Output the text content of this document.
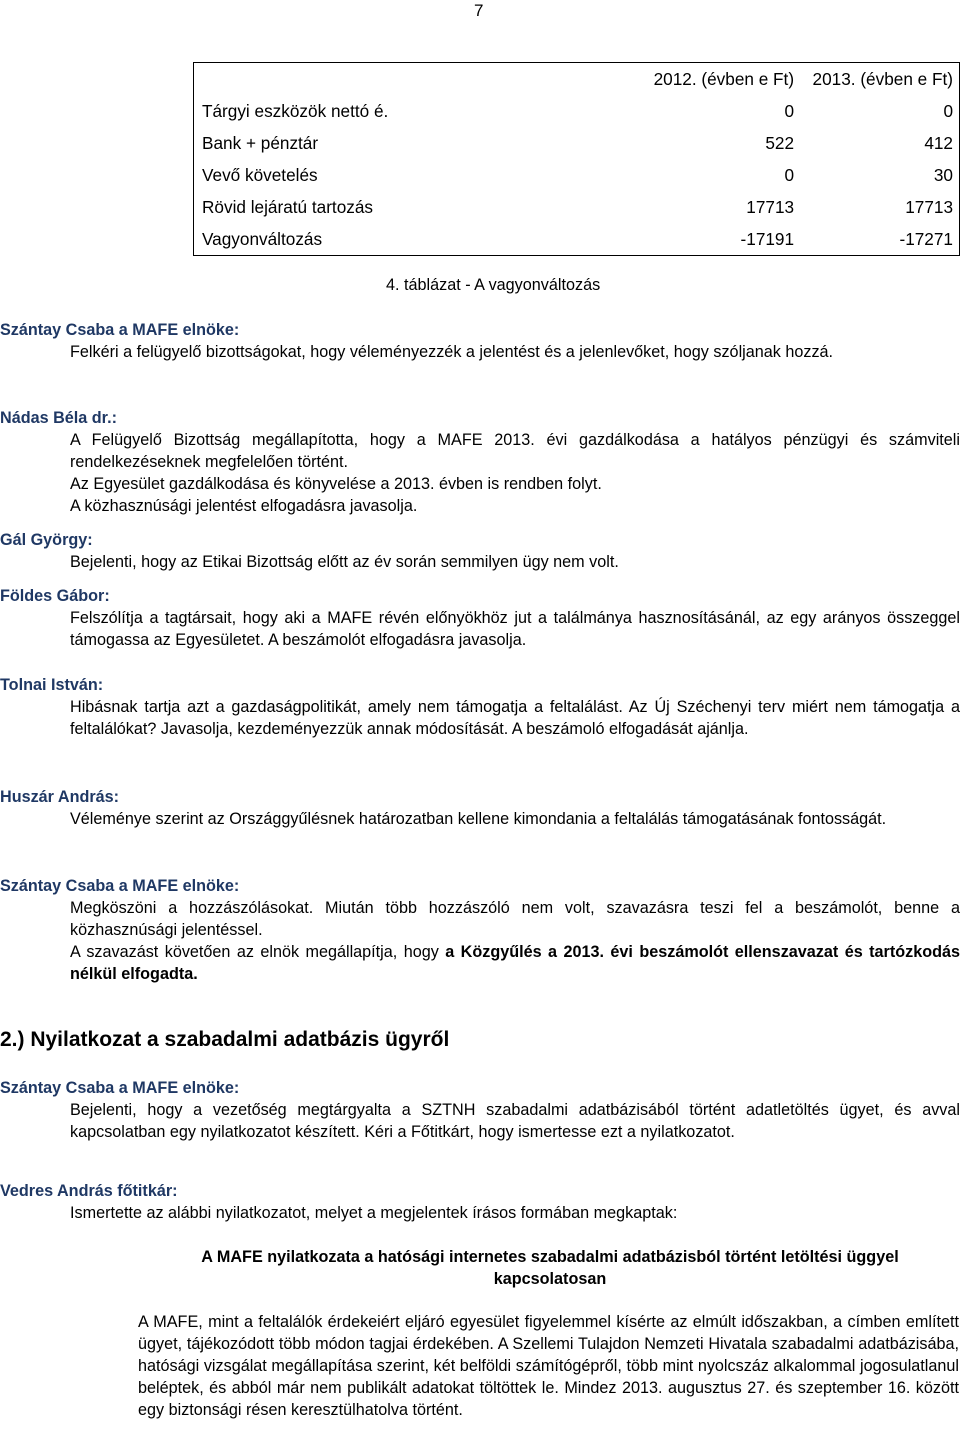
7
	2012. (évben e Ft)	2013. (évben e Ft)
Tárgyi eszközök nettó é.	0	0
Bank + pénztár	522	412
Vevő követelés	0	30
Rövid lejáratú tartozás	17713	17713
Vagyonváltozás	-17191	-17271
4. táblázat - A vagyonváltozás
Szántay Csaba a MAFE elnöke:
Felkéri a felügyelő bizottságokat, hogy véleményezzék a jelentést és a jelenlevőket, hogy szóljanak hozzá.
Nádas Béla dr.:

A Felügyelő Bizottság megállapította, hogy a MAFE 2013. évi gazdálkodása a hatályos pénzügyi és számviteli rendelkezéseknek megfelelően történt.

Az Egyesület gazdálkodása és könyvelése a 2013. évben is rendben folyt.

A közhasznúsági jelentést elfogadásra javasolja.

Gál György:
Bejelenti, hogy az Etikai Bizottság előtt az év során semmilyen ügy nem volt.
Földes Gábor:
Felszólítja a tagtársait, hogy aki a MAFE révén előnyökhöz jut a találmánya hasznosításánál, az egy arányos összeggel támogassa az Egyesületet. A beszámolót elfogadásra javasolja.
Tolnai István:
Hibásnak tartja azt a gazdaságpolitikát, amely nem támogatja a feltalálást. Az Új Széchenyi terv miért nem támogatja a feltalálókat? Javasolja, kezdeményezzük annak módosítását. A beszámoló elfogadását ajánlja.
Huszár András:
Véleménye szerint az Országgyűlésnek határozatban kellene kimondania a feltalálás támogatásának fontosságát.
Szántay Csaba a MAFE elnöke:

Megköszöni a hozzászólásokat. Miután több hozzászóló nem volt, szavazásra teszi fel a beszámolót, benne a közhasznúsági jelentéssel.

A szavazást követően az elnök megállapítja, hogy a Közgyűlés a 2013. évi beszámolót ellenszavazat és tartózkodás nélkül elfogadta.

2.) Nyilatkozat a szabadalmi adatbázis ügyről
Szántay Csaba a MAFE elnöke:
Bejelenti, hogy a vezetőség megtárgyalta a SZTNH szabadalmi adatbázisából történt adatletöltés ügyet, és avval kapcsolatban egy nyilatkozatot készített. Kéri a Főtitkárt, hogy ismertesse ezt a nyilatkozatot.
Vedres András főtitkár:
Ismertette az alábbi nyilatkozatot, melyet a megjelentek írásos formában megkaptak:
A MAFE nyilatkozata a hatósági internetes szabadalmi adatbázisból történt letöltési üggyel kapcsolatosan
A MAFE, mint a feltalálók érdekeiért eljáró egyesület figyelemmel kísérte az elmúlt időszakban, a címben említett ügyet, tájékozódott több módon tagjai érdekében. A Szellemi Tulajdon Nemzeti Hivatala szabadalmi adatbázisába, hatósági vizsgálat megállapítása szerint, két belföldi számítógépről, több mint nyolcszáz alkalommal jogosulatlanul beléptek, és abból már nem publikált adatokat töltöttek le. Mindez 2013. augusztus 27. és szeptember 16. között egy biztonsági résen keresztülhatolva történt.
